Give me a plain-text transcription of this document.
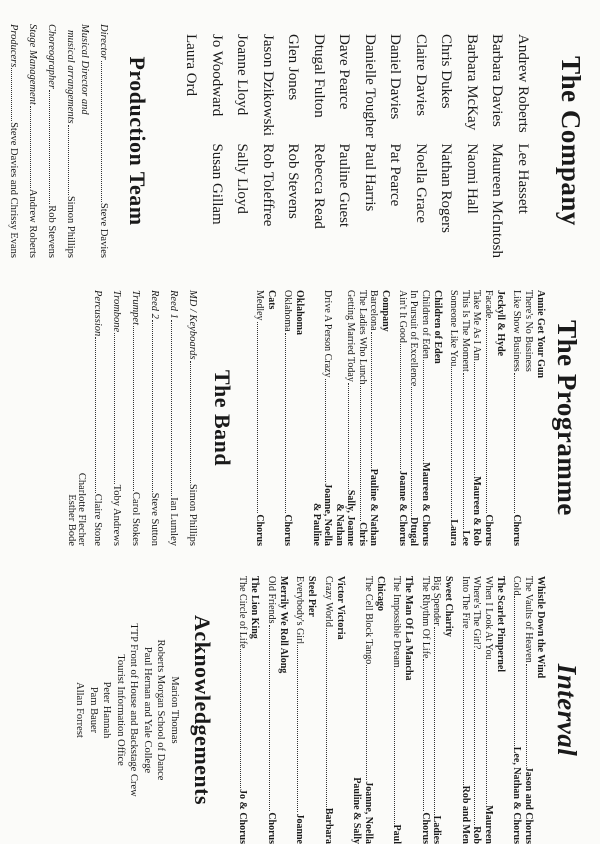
The Company
Andrew Roberts
Barbara Davies
Barbara McKay
Chris Dukes
Claire Davies
Daniel Davies
Danielle Tougher
Dave Pearce
Dtugal Fulton
Glen Jones
Jason Dzikowski
Joanne Lloyd
Jo Woodward
Laura Ord
Lee Hassett
Maureen McIntosh
Naomi Hall
Nathan Rogers
Noella Grace
Pat Pearce
Paul Harris
Pauline Guest
Rebecca Read
Rob Stevens
Rob Toleffree
Sally Lloyd
Susan Gillam
Production Team
Director
Steve Davies
Musical Director and
musical arrangements
Simon Phillips
Choreographer
Rob Stevens
Stage Management
Andrew Roberts
Producers
Steve Davies and Chrissy Evans
The Programme
Annie Get Your Gun
There's No Business
Like Show Business
Chorus
Jeckyll & Hyde
Facade
Chorus
Take Me As I Am
Maureen & Rob
This Is The Moment
Lee
Someone Like You
Laura
Children of Eden
Children of Eden
Maureen & Chorus
In Pursuit of Excellence
Dtugal
Ain't It Good
Joanne & Chorus
Company
Barcelona
Pauline & Nathan
The Ladies Who Lunch
Chris
Getting Married Today
Sally, Joanne
& Nathan
Drive A Person Crazy
Joanne, Noella
& Pauline
Oklahoma
Oklahoma
Chorus
Cats
Medley
Chorus
The Band
MD / Keyboards
Simon Phillips
Reed 1
Ian Lumley
Reed 2
Steve Sutton
Trumpet
Carol Stokes
Trombone
Toby Andrews
Percussion
Claire Stone
Charlotte Flecher
Esther Bode
Interval
Whistle Down the Wind
The Vaults of Heaven
Jason and Chorus
Cold
Lee, Nathan & Chorus
The Scarlet Pimpernel
When I Look At You
Maureen
Where's The Girl?
Rob
Into The Fire
Rob and Men
Sweet Charity
Big Spender
Ladies
The Rhythm Of Life
Chorus
The Man Of La Mancha
The Impossible Dream
Paul
Chicago
The Cell Block Tango
Joanne, Noella
Pauline & Sally
Victor Victoria
Crazy World
Barbara
Steel Pier
Everybody's Girl
Joanne
Merrily We Roll Along
Old Friends
Chorus
The Lion King
The Circle of Life
Jo & Chorus
Acknowledgements
Marion Thomas
Roberts Morgan School of Dance
Paul Hernan and Yale College
TTP Front of House and Backstage Crew
Tourist Information Office
Peter Hannah
Pam Bauer
Allan Forrest
